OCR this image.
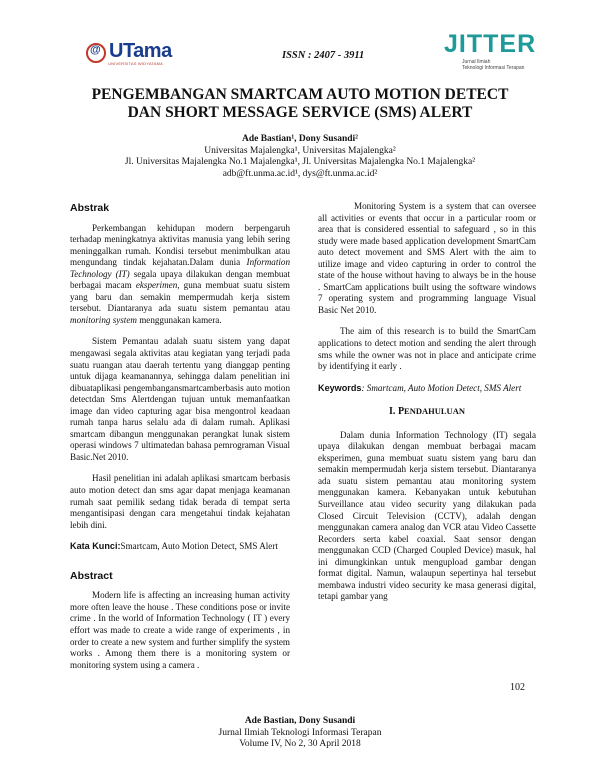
@UTama
UNIVERSITAS WIDYATAMA
ISSN : 2407 - 3911	JITTER
Jurnal Ilmiah
Teknologi Informasi Terapan
PENGEMBANGAN SMARTCAM AUTO MOTION DETECT
DAN SHORT MESSAGE SERVICE (SMS) ALERT
Ade Bastian¹, Dony Susandi²
Universitas Majalengka¹, Universitas Majalengka²
Jl. Universitas Majalengka No.1 Majalengka¹, Jl. Universitas Majalengka No.1 Majalengka²
adb@ft.unma.ac.id¹, dys@ft.unma.ac.id²
Abstrak

Perkembangan kehidupan modern berpengaruh terhadap meningkatnya aktivitas manusia yang lebih sering meninggalkan rumah. Kondisi tersebut menimbulkan atau mengundang tindak kejahatan.Dalam dunia Information Technology (IT) segala upaya dilakukan dengan membuat berbagai macam eksperimen, guna membuat suatu sistem yang baru dan semakin mempermudah kerja sistem tersebut. Diantaranya ada suatu sistem pemantau atau monitoring system menggunakan kamera.

Sistem Pemantau adalah suatu sistem yang dapat mengawasi segala aktivitas atau kegiatan yang terjadi pada suatu ruangan atau daerah tertentu yang dianggap penting untuk dijaga keamanannya, sehingga dalam penelitian ini dibuataplikasi pengembangansmartcamberbasis auto motion detectdan Sms Alertdengan tujuan untuk memanfaatkan image dan video capturing agar bisa mengontrol keadaan rumah tanpa harus selalu ada di dalam rumah. Aplikasi smartcam dibangun menggunakan perangkat lunak sistem operasi windows 7 ultimatedan bahasa pemrograman Visual Basic.Net 2010.

Hasil penelitian ini adalah aplikasi smartcam berbasis auto motion detect dan sms agar dapat menjaga keamanan rumah saat pemilik sedang tidak berada di tempat serta mengantisipasi dengan cara mengetahui tindak kejahatan lebih dini.

Kata Kunci:Smartcam, Auto Motion Detect, SMS Alert

Abstract

Modern life is affecting an increasing human activity more often leave the house . These conditions pose or invite crime . In the world of Information Technology ( IT ) every effort was made to create a wide range of experiments , in order to create a new system and further simplify the system works . Among them there is a monitoring system or monitoring system using a camera .

Monitoring System is a system that can oversee all activities or events that occur in a particular room or area that is considered essential to safeguard , so in this study were made based application development SmartCam auto detect movement and SMS Alert with the aim to utilize image and video capturing in order to control the state of the house without having to always be in the house . SmartCam applications built using the software windows 7 operating system and programming language Visual Basic Net 2010.

The aim of this research is to build the SmartCam applications to detect motion and sending the alert through sms while the owner was not in place and anticipate crime by identifying it early .

Keywords: Smartcam, Auto Motion Detect, SMS Alert

I. PENDAHULUAN

Dalam dunia Information Technology (IT) segala upaya dilakukan dengan membuat berbagai macam eksperimen, guna membuat suatu sistem yang baru dan semakin mempermudah kerja sistem tersebut. Diantaranya ada suatu sistem pemantau atau monitoring system menggunakan kamera. Kebanyakan untuk kebutuhan Surveillance atau video security yang dilakukan pada Closed Circuit Television (CCTV), adalah dengan menggunakan camera analog dan VCR atau Video Cassette Recorders serta kabel coaxial. Saat sensor dengan menggunakan CCD (Charged Coupled Device) masuk, hal ini dimungkinkan untuk mengupload gambar dengan format digital. Namun, walaupun sepertinya hal tersebut membawa industri video security ke masa generasi digital, tetapi gambar yang

102
Ade Bastian, Dony Susandi
Jurnal Ilmiah Teknologi Informasi Terapan
Volume IV, No 2, 30 April 2018
